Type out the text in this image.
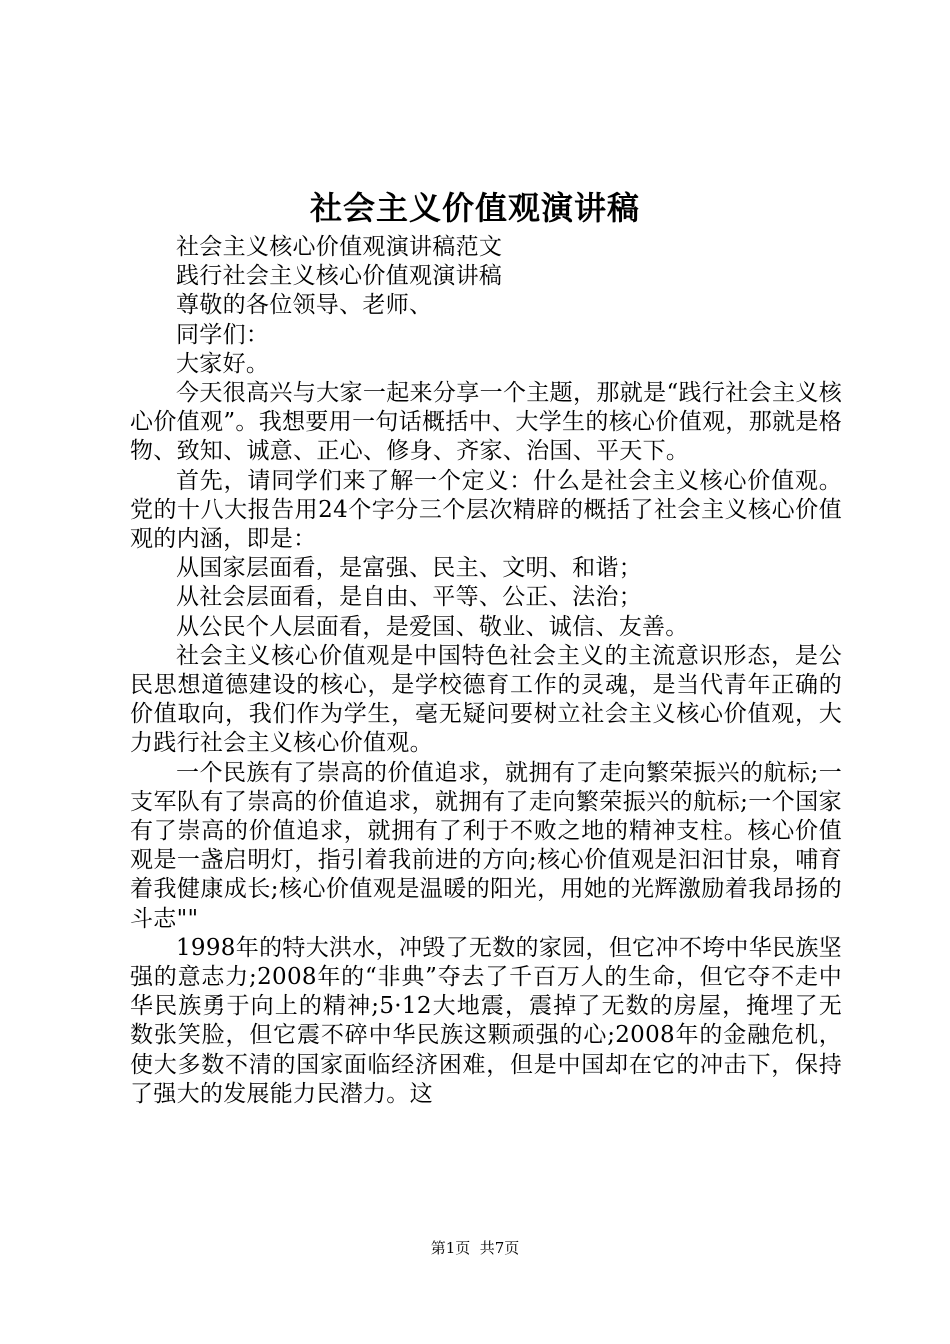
社会主义价值观演讲稿

社会主义核心价值观演讲稿范文

践行社会主义核心价值观演讲稿

尊敬的各位领导、老师、

同学们：

大家好。

今天很高兴与大家一起来分享一个主题，那就是“践行社会主义核心价值观”。我想要用一句话概括中、大学生的核心价值观，那就是格物、致知、诚意、正心、修身、齐家、治国、平天下。

首先，请同学们来了解一个定义：什么是社会主义核心价值观。党的十八大报告用24个字分三个层次精辟的概括了社会主义核心价值观的内涵，即是：

从国家层面看，是富强、民主、文明、和谐；

从社会层面看，是自由、平等、公正、法治；

从公民个人层面看，是爱国、敬业、诚信、友善。

社会主义核心价值观是中国特色社会主义的主流意识形态，是公民思想道德建设的核心，是学校德育工作的灵魂，是当代青年正确的价值取向，我们作为学生，毫无疑问要树立社会主义核心价值观，大力践行社会主义核心价值观。

一个民族有了崇高的价值追求，就拥有了走向繁荣振兴的航标;一支军队有了崇高的价值追求，就拥有了走向繁荣振兴的航标;一个国家有了崇高的价值追求，就拥有了利于不败之地的精神支柱。核心价值观是一盏启明灯，指引着我前进的方向;核心价值观是汩汩甘泉，哺育着我健康成长;核心价值观是温暖的阳光，用她的光辉激励着我昂扬的斗志""

1998年的特大洪水，冲毁了无数的家园，但它冲不垮中华民族坚强的意志力;2008年的“非典”夺去了千百万人的生命，但它夺不走中华民族勇于向上的精神;5·12大地震，震掉了无数的房屋，掩埋了无数张笑脸，但它震不碎中华民族这颗顽强的心;2008年的金融危机，使大多数不清的国家面临经济困难，但是中国却在它的冲击下，保持了强大的发展能力民潜力。这

第1页  共7页
